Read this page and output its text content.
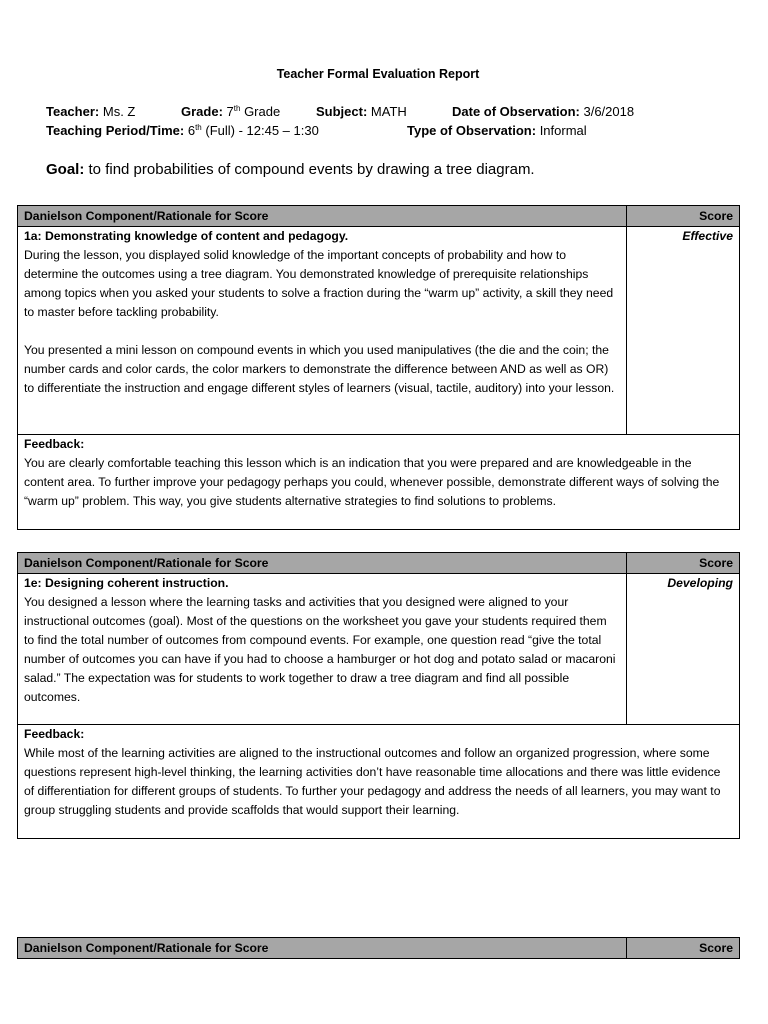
Teacher Formal Evaluation Report
Teacher: Ms. Z	Grade: 7th Grade	Subject: MATH	Date of Observation: 3/6/2018
Teaching Period/Time: 6th (Full) - 12:45 – 1:30	Type of Observation: Informal
Goal: to find probabilities of compound events by drawing a tree diagram.
Danielson Component/Rationale for Score	Score

1a: Demonstrating knowledge of content and pedagogy.

During the lesson, you displayed solid knowledge of the important concepts of probability and how to determine the outcomes using a tree diagram. You demonstrated knowledge of prerequisite relationships among topics when you asked your students to solve a fraction during the “warm up” activity, a skill they need to master before tackling probability.

You presented a mini lesson on compound events in which you used manipulatives (the die and the coin; the number cards and color cards, the color markers to demonstrate the difference between AND as well as OR) to differentiate the instruction and engage different styles of learners (visual, tactile, auditory) into your lesson.	Effective

Feedback:
You are clearly comfortable teaching this lesson which is an indication that you were prepared and are knowledgeable in the content area. To further improve your pedagogy perhaps you could, whenever possible, demonstrate different ways of solving the “warm up” problem. This way, you give students alternative strategies to find solutions to problems.	
Danielson Component/Rationale for Score	Score

1e: Designing coherent instruction.

You designed a lesson where the learning tasks and activities that you designed were aligned to your instructional outcomes (goal). Most of the questions on the worksheet you gave your students required them to find the total number of outcomes from compound events. For example, one question read “give the total number of outcomes you can have if you had to choose a hamburger or hot dog and potato salad or macaroni salad.” The expectation was for students to work together to draw a tree diagram and find all possible outcomes.	Developing

Feedback:
While most of the learning activities are aligned to the instructional outcomes and follow an organized progression, where some questions represent high-level thinking, the learning activities don’t have reasonable time allocations and there was little evidence of differentiation for different groups of students. To further your pedagogy and address the needs of all learners, you may want to group struggling students and provide scaffolds that would support their learning.	
Danielson Component/Rationale for Score	Score
